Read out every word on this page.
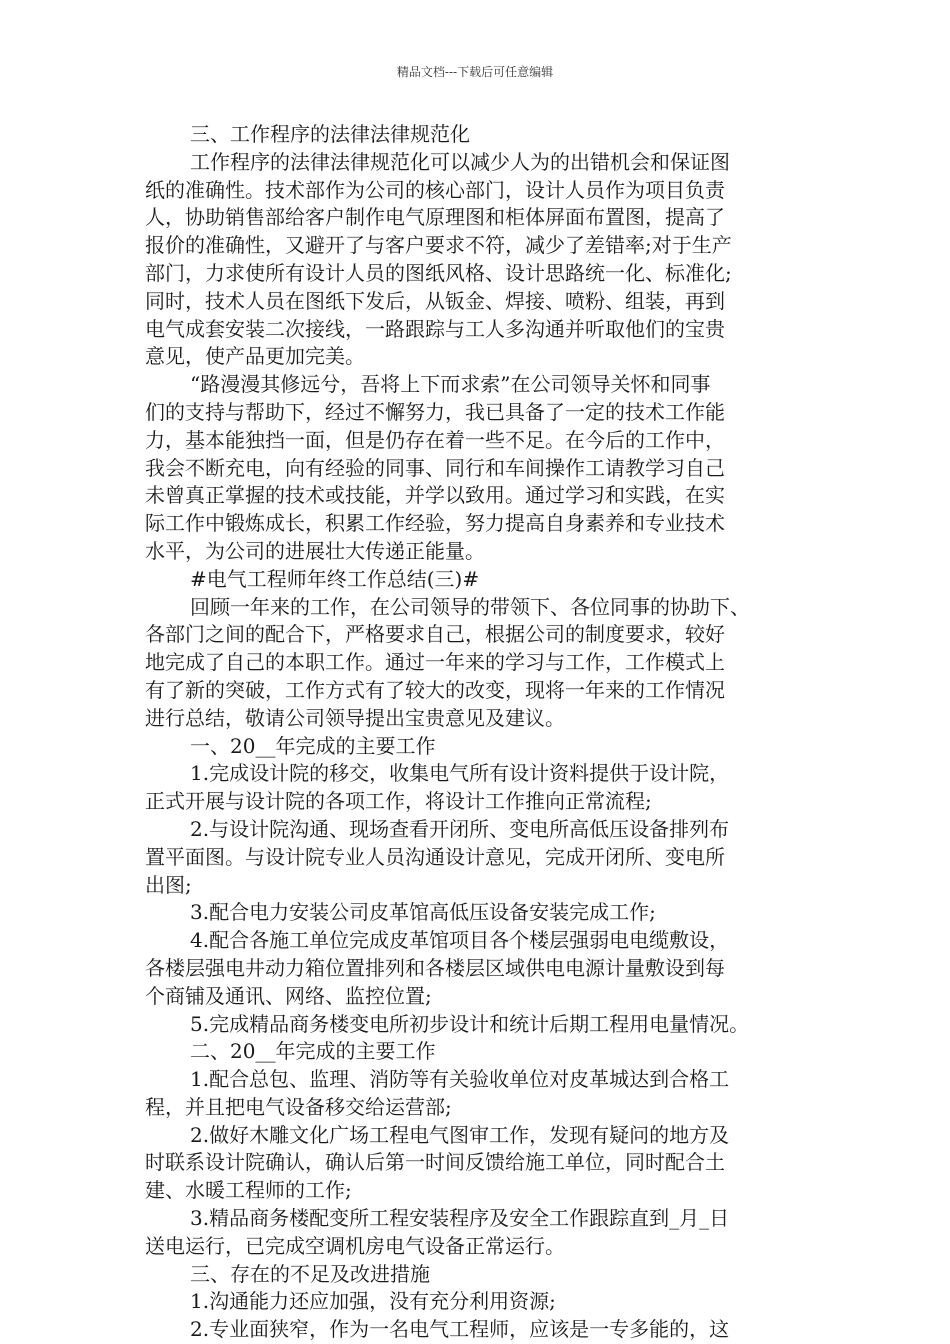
精品文档---下载后可任意编辑
三、工作程序的法律法律规范化
工作程序的法律法律规范化可以减少人为的出错机会和保证图
纸的准确性。技术部作为公司的核心部门，设计人员作为项目负责
人，协助销售部给客户制作电气原理图和柜体屏面布置图，提高了
报价的准确性，又避开了与客户要求不符，减少了差错率;对于生产
部门，力求使所有设计人员的图纸风格、设计思路统一化、标准化;
同时，技术人员在图纸下发后，从钣金、焊接、喷粉、组装，再到
电气成套安装二次接线，一路跟踪与工人多沟通并听取他们的宝贵
意见，使产品更加完美。
“路漫漫其修远兮，吾将上下而求索”在公司领导关怀和同事
们的支持与帮助下，经过不懈努力，我已具备了一定的技术工作能
力，基本能独挡一面，但是仍存在着一些不足。在今后的工作中，
我会不断充电，向有经验的同事、同行和车间操作工请教学习自己
未曾真正掌握的技术或技能，并学以致用。通过学习和实践，在实
际工作中锻炼成长，积累工作经验，努力提高自身素养和专业技术
水平，为公司的进展壮大传递正能量。
#电气工程师年终工作总结(三)#
回顾一年来的工作，在公司领导的带领下、各位同事的协助下、
各部门之间的配合下，严格要求自己，根据公司的制度要求，较好
地完成了自己的本职工作。通过一年来的学习与工作，工作模式上
有了新的突破，工作方式有了较大的改变，现将一年来的工作情况
进行总结，敬请公司领导提出宝贵意见及建议。
一、20__年完成的主要工作
1.完成设计院的移交，收集电气所有设计资料提供于设计院，
正式开展与设计院的各项工作，将设计工作推向正常流程;
2.与设计院沟通、现场查看开闭所、变电所高低压设备排列布
置平面图。与设计院专业人员沟通设计意见，完成开闭所、变电所
出图;
3.配合电力安装公司皮革馆高低压设备安装完成工作;
4.配合各施工单位完成皮革馆项目各个楼层强弱电电缆敷设，
各楼层强电井动力箱位置排列和各楼层区域供电电源计量敷设到每
个商铺及通讯、网络、监控位置;
5.完成精品商务楼变电所初步设计和统计后期工程用电量情况。
二、20__年完成的主要工作
1.配合总包、监理、消防等有关验收单位对皮革城达到合格工
程，并且把电气设备移交给运营部;
2.做好木雕文化广场工程电气图审工作，发现有疑问的地方及
时联系设计院确认，确认后第一时间反馈给施工单位，同时配合土
建、水暖工程师的工作;
3.精品商务楼配变所工程安装程序及安全工作跟踪直到_月_日
送电运行，已完成空调机房电气设备正常运行。
三、存在的不足及改进措施
1.沟通能力还应加强，没有充分利用资源;
2.专业面狭窄，作为一名电气工程师，应该是一专多能的，这
